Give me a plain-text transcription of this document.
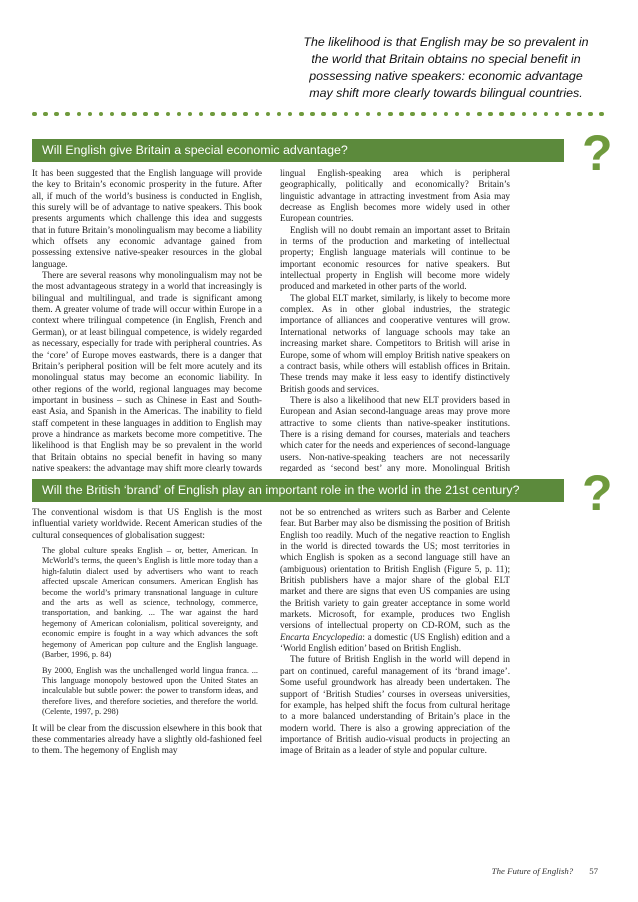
The likelihood is that English may be so prevalent in the world that Britain obtains no special benefit in possessing native speakers: economic advantage may shift more clearly towards bilingual countries.
Will English give Britain a special economic advantage?	?

It has been suggested that the English language will provide the key to Britain’s economic prosperity in the future. After all, if much of the world’s business is conducted in English, this surely will be of advantage to native speakers. This book presents arguments which challenge this idea and suggests that in future Britain’s monolingualism may become a liability which offsets any economic advantage gained from possessing extensive native-speaker resources in the global language.

There are several reasons why monolingualism may not be the most advantageous strategy in a world that increasingly is bilingual and multilingual, and trade is significant among them. A greater volume of trade will occur within Europe in a context where trilingual competence (in English, French and German), or at least bilingual competence, is widely regarded as necessary, especially for trade with peripheral countries. As the ‘core’ of Europe moves eastwards, there is a danger that Britain’s peripheral position will be felt more acutely and its monolingual status may become an economic liability. In other regions of the world, regional languages may become important in business – such as Chinese in East and South-east Asia, and Spanish in the Americas. The inability to field staff competent in these languages in addition to English may prove a hindrance as markets become more competitive. The likelihood is that English may be so prevalent in the world that Britain obtains no special benefit in having so many native speakers: the advantage may shift more clearly towards

lingual English-speaking area which is peripheral geographically, politically and economically? Britain’s linguistic advantage in attracting investment from Asia may decrease as English becomes more widely used in other European countries.

English will no doubt remain an important asset to Britain in terms of the production and marketing of intellectual property; English language materials will continue to be important economic resources for native speakers. But intellectual property in English will become more widely produced and marketed in other parts of the world.

The global ELT market, similarly, is likely to become more complex. As in other global industries, the strategic importance of alliances and cooperative ventures will grow. International networks of language schools may take an increasing market share. Competitors to British will arise in Europe, some of whom will employ British native speakers on a contract basis, while others will establish offices in Britain. These trends may make it less easy to identify distinctively British goods and services.

There is also a likelihood that new ELT providers based in European and Asian second-language areas may prove more attractive to some clients than native-speaker institutions. There is a rising demand for courses, materials and teachers which cater for the needs and experiences of second-language users. Non-native-speaking teachers are not necessarily regarded as ‘second best’ any more. Monolingual British

Will the British ‘brand’ of English play an important role in the world in the 21st century?	?

The conventional wisdom is that US English is the most influential variety worldwide. Recent American studies of the cultural consequences of globalisation suggest:

The global culture speaks English – or, better, American. In McWorld’s terms, the queen’s English is little more today than a high-falutin dialect used by advertisers who want to reach affected upscale American consumers. American English has become the world’s primary transnational language in culture and the arts as well as science, technology, commerce, transportation, and banking. ... The war against the hard hegemony of American colonialism, political sovereignty, and economic empire is fought in a way which advances the soft hegemony of American pop culture and the English language. (Barber, 1996, p. 84)

By 2000, English was the unchallenged world lingua franca. ... This language monopoly bestowed upon the United States an incalculable but subtle power: the power to transform ideas, and therefore lives, and therefore societies, and therefore the world. (Celente, 1997, p. 298)

It will be clear from the discussion elsewhere in this book that these commentaries already have a slightly old-fashioned feel to them. The hegemony of English may

not be so entrenched as writers such as Barber and Celente fear. But Barber may also be dismissing the position of British English too readily. Much of the negative reaction to English in the world is directed towards the US; most territories in which English is spoken as a second language still have an (ambiguous) orientation to British English (Figure 5, p. 11); British publishers have a major share of the global ELT market and there are signs that even US companies are using the British variety to gain greater acceptance in some world markets. Microsoft, for example, produces two English versions of intellectual property on CD-ROM, such as the Encarta Encyclopedia: a domestic (US English) edition and a ‘World English edition’ based on British English.

The future of British English in the world will depend in part on continued, careful management of its ‘brand image’. Some useful groundwork has already been undertaken. The support of ‘British Studies’ courses in overseas universities, for example, has helped shift the focus from cultural heritage to a more balanced understanding of Britain’s place in the modern world. There is also a growing appreciation of the importance of British audio-visual products in projecting an image of Britain as a leader of style and popular culture.

The Future of English? 57
